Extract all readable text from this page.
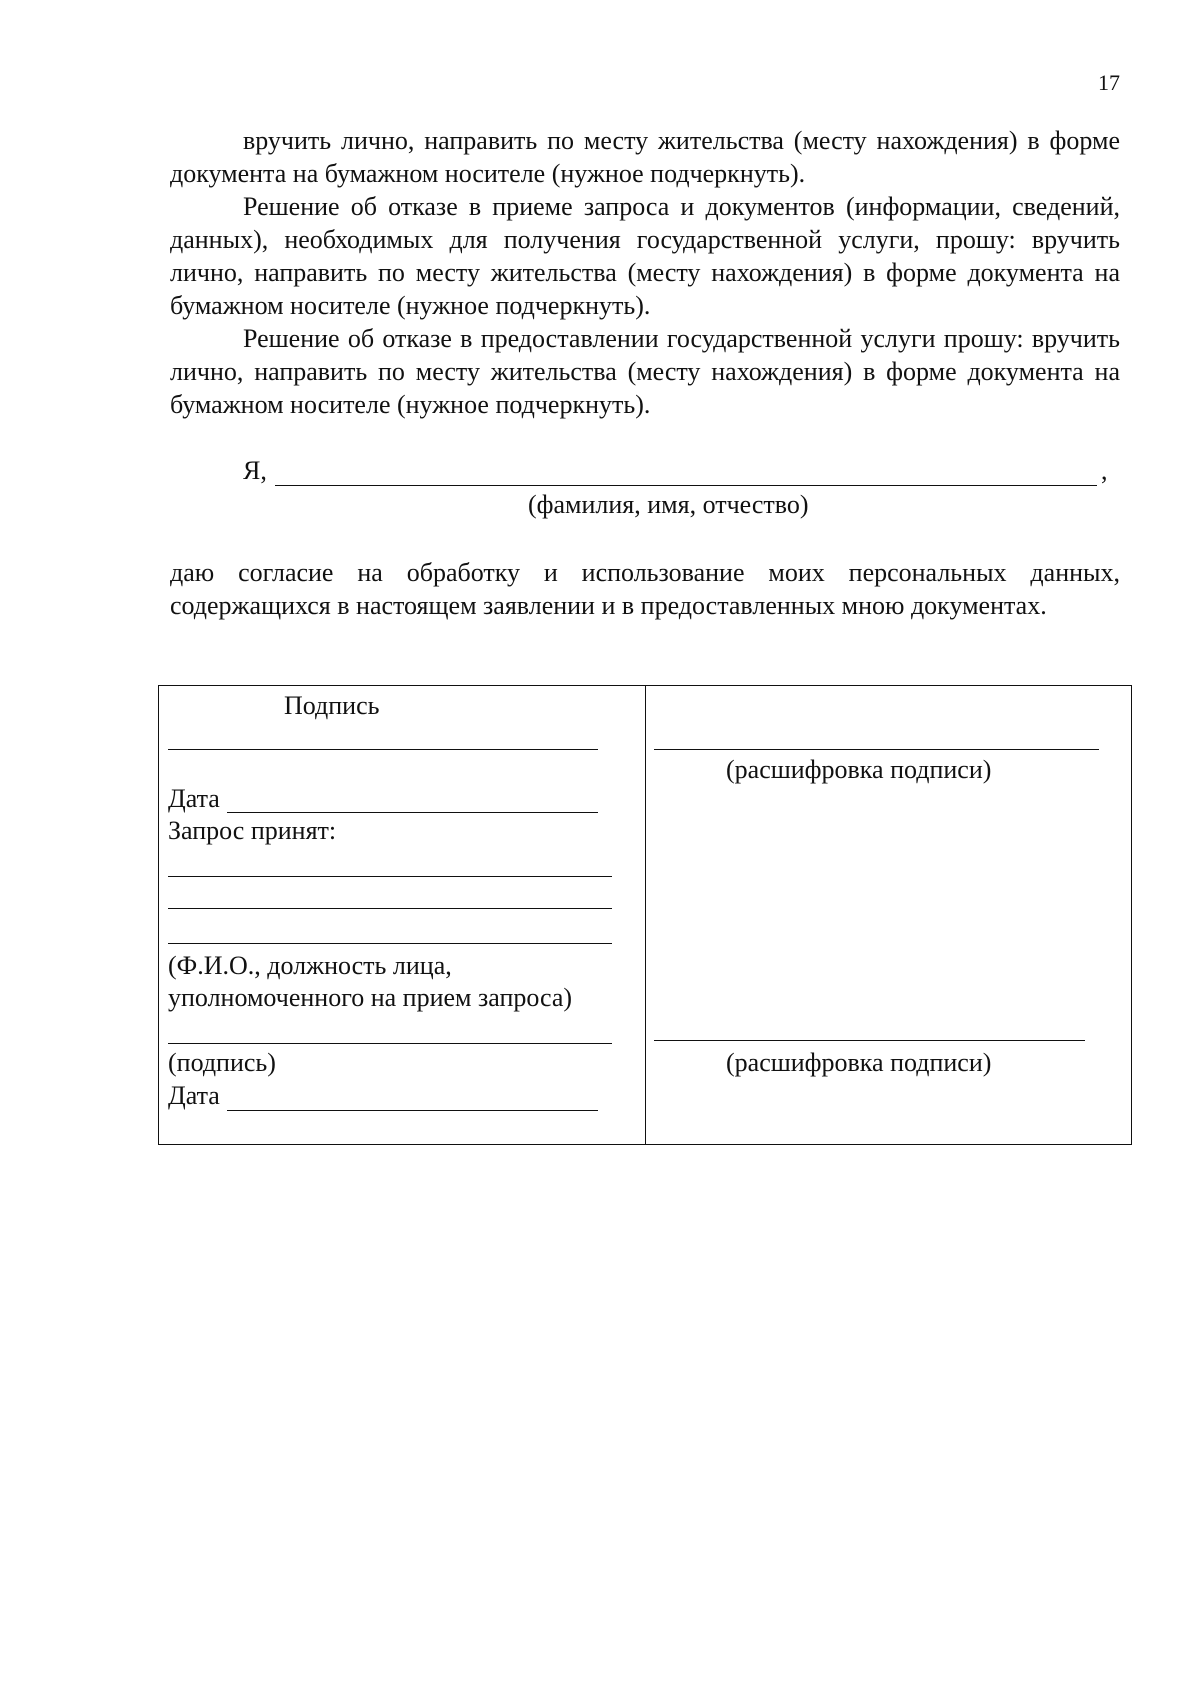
17

вручить лично, направить по месту жительства (месту нахождения) в форме документа на бумажном носителе (нужное подчеркнуть).

Решение об отказе в приеме запроса и документов (информации, сведений, данных), необходимых для получения государственной услуги, прошу: вручить лично, направить по месту жительства (месту нахождения) в форме документа на бумажном носителе (нужное подчеркнуть).

Решение об отказе в предоставлении государственной услуги прошу: вручить лично, направить по месту жительства (месту нахождения) в форме документа на бумажном носителе (нужное подчеркнуть).

Я,	,
(фамилия, имя, отчество)

даю согласие на обработку и использование моих персональных данных, содержащихся в настоящем заявлении и в предоставленных мною документах.

Подпись
Дата
Запрос принят:
(Ф.И.О., должность лица,
уполномоченного на прием запроса)
(подпись)
Дата
(расшифровка подписи)
(расшифровка подписи)
